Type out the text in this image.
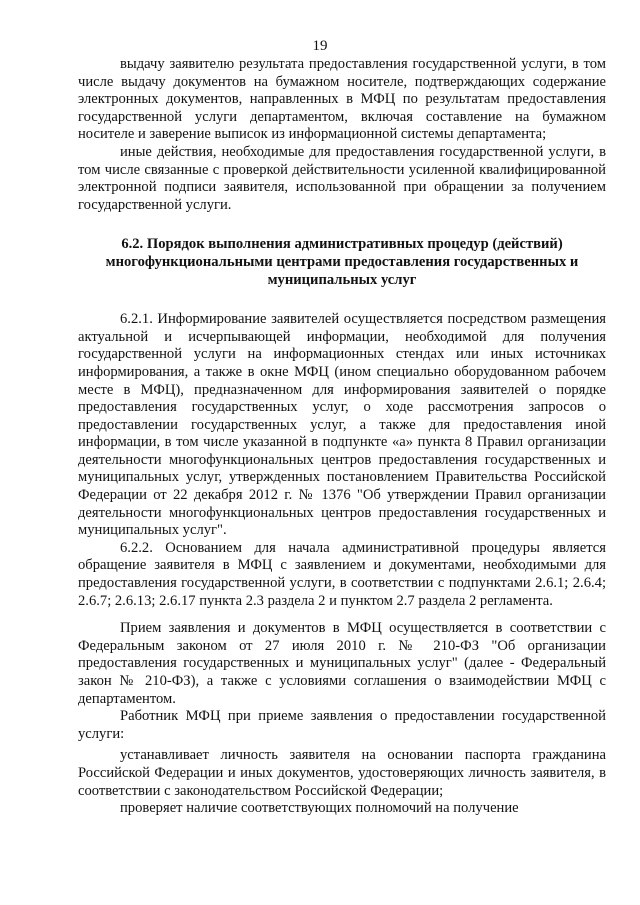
19

выдачу заявителю результата предоставления государственной услуги, в том числе выдачу документов на бумажном носителе, подтверждающих содержание электронных документов, направленных в МФЦ по результатам предоставления государственной услуги департаментом, включая составление на бумажном носителе и заверение выписок из информационной системы департамента;

иные действия, необходимые для предоставления государственной услуги, в том числе связанные с проверкой действительности усиленной квалифицированной электронной подписи заявителя, использованной при обращении за получением государственной услуги.

6.2. Порядок выполнения административных процедур (действий) многофункциональными центрами предоставления государственных и муниципальных услуг

6.2.1. Информирование заявителей осуществляется посредством размещения актуальной и исчерпывающей информации, необходимой для получения государственной услуги на информационных стендах или иных источниках информирования, а также в окне МФЦ (ином специально оборудованном рабочем месте в МФЦ), предназначенном для информирования заявителей о порядке предоставления государственных услуг, о ходе рассмотрения запросов о предоставлении государственных услуг, а также для предоставления иной информации, в том числе указанной в подпункте «а» пункта 8 Правил организации деятельности многофункциональных центров предоставления государственных и муниципальных услуг, утвержденных постановлением Правительства Российской Федерации от 22 декабря 2012 г. № 1376 "Об утверждении Правил организации деятельности многофункциональных центров предоставления государственных и муниципальных услуг".

6.2.2. Основанием для начала административной процедуры является обращение заявителя в МФЦ с заявлением и документами, необходимыми для предоставления государственной услуги, в соответствии с подпунктами 2.6.1; 2.6.4; 2.6.7; 2.6.13; 2.6.17 пункта 2.3 раздела 2 и пунктом 2.7 раздела 2 регламента.

Прием заявления и документов в МФЦ осуществляется в соответствии с Федеральным законом от 27 июля 2010 г. № 210-ФЗ "Об организации предоставления государственных и муниципальных услуг" (далее - Федеральный закон № 210-ФЗ), а также с условиями соглашения о взаимодействии МФЦ с департаментом.

Работник МФЦ при приеме заявления о предоставлении государственной услуги:

устанавливает личность заявителя на основании паспорта гражданина Российской Федерации и иных документов, удостоверяющих личность заявителя, в соответствии с законодательством Российской Федерации;

проверяет наличие соответствующих полномочий на получение
